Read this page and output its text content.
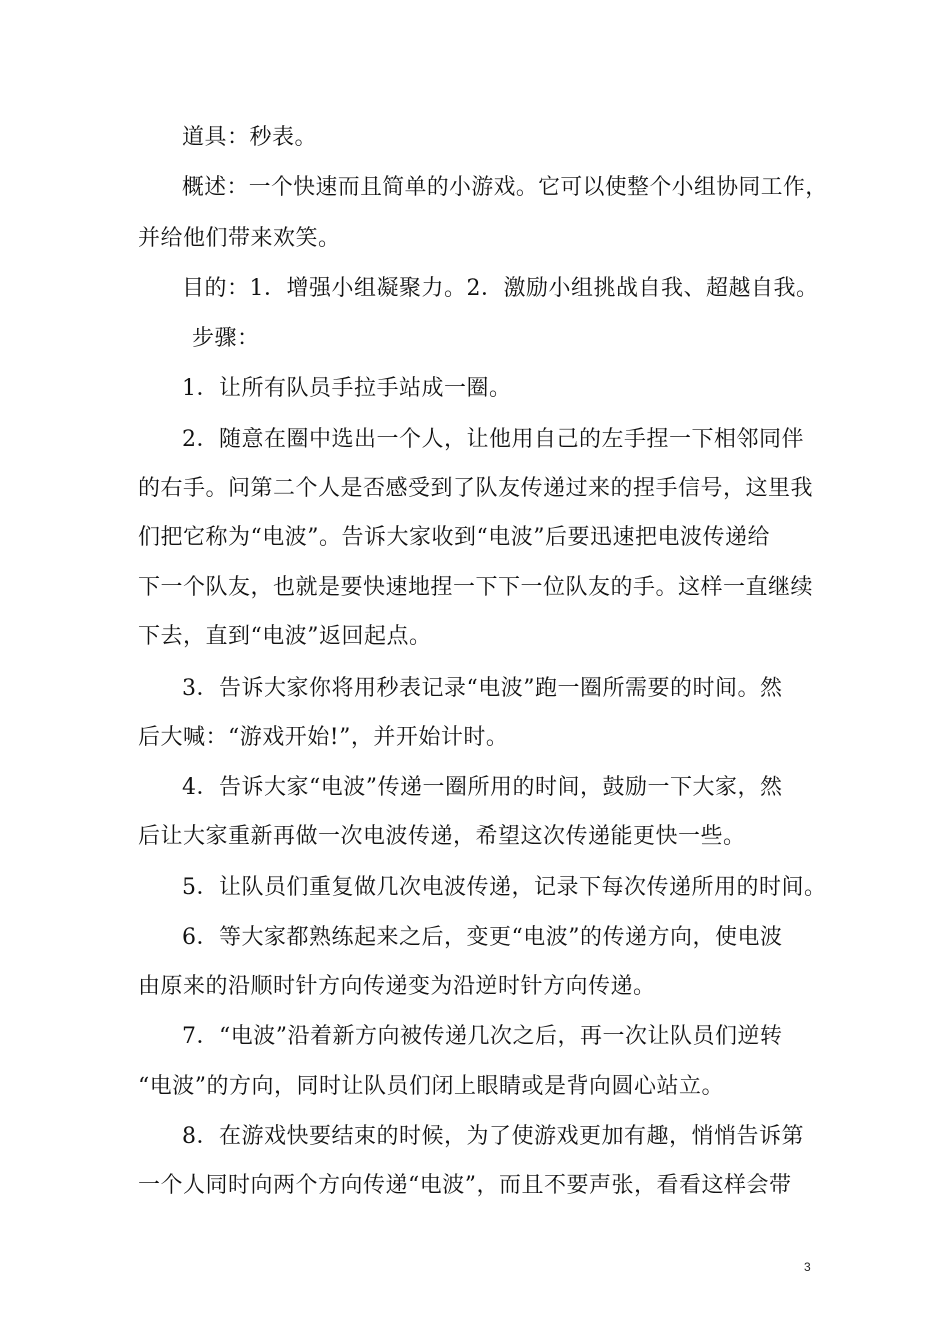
道具：秒表。
概述：一个快速而且简单的小游戏。它可以使整个小组协同工作，
并给他们带来欢笑。
目的：1．增强小组凝聚力。2．激励小组挑战自我、超越自我。
步骤：
1．让所有队员手拉手站成一圈。
2．随意在圈中选出一个人，让他用自己的左手捏一下相邻同伴
的右手。问第二个人是否感受到了队友传递过来的捏手信号，这里我
们把它称为“电波”。告诉大家收到“电波”后要迅速把电波传递给
下一个队友，也就是要快速地捏一下下一位队友的手。这样一直继续
下去，直到“电波”返回起点。
3．告诉大家你将用秒表记录“电波”跑一圈所需要的时间。然
后大喊：“游戏开始!”，并开始计时。
4．告诉大家“电波”传递一圈所用的时间，鼓励一下大家，然
后让大家重新再做一次电波传递，希望这次传递能更快一些。
5．让队员们重复做几次电波传递，记录下每次传递所用的时间。
6．等大家都熟练起来之后，变更“电波”的传递方向，使电波
由原来的沿顺时针方向传递变为沿逆时针方向传递。
7．“电波”沿着新方向被传递几次之后，再一次让队员们逆转
“电波”的方向，同时让队员们闭上眼睛或是背向圆心站立。
8．在游戏快要结束的时候，为了使游戏更加有趣，悄悄告诉第
一个人同时向两个方向传递“电波”，而且不要声张，看看这样会带
3
